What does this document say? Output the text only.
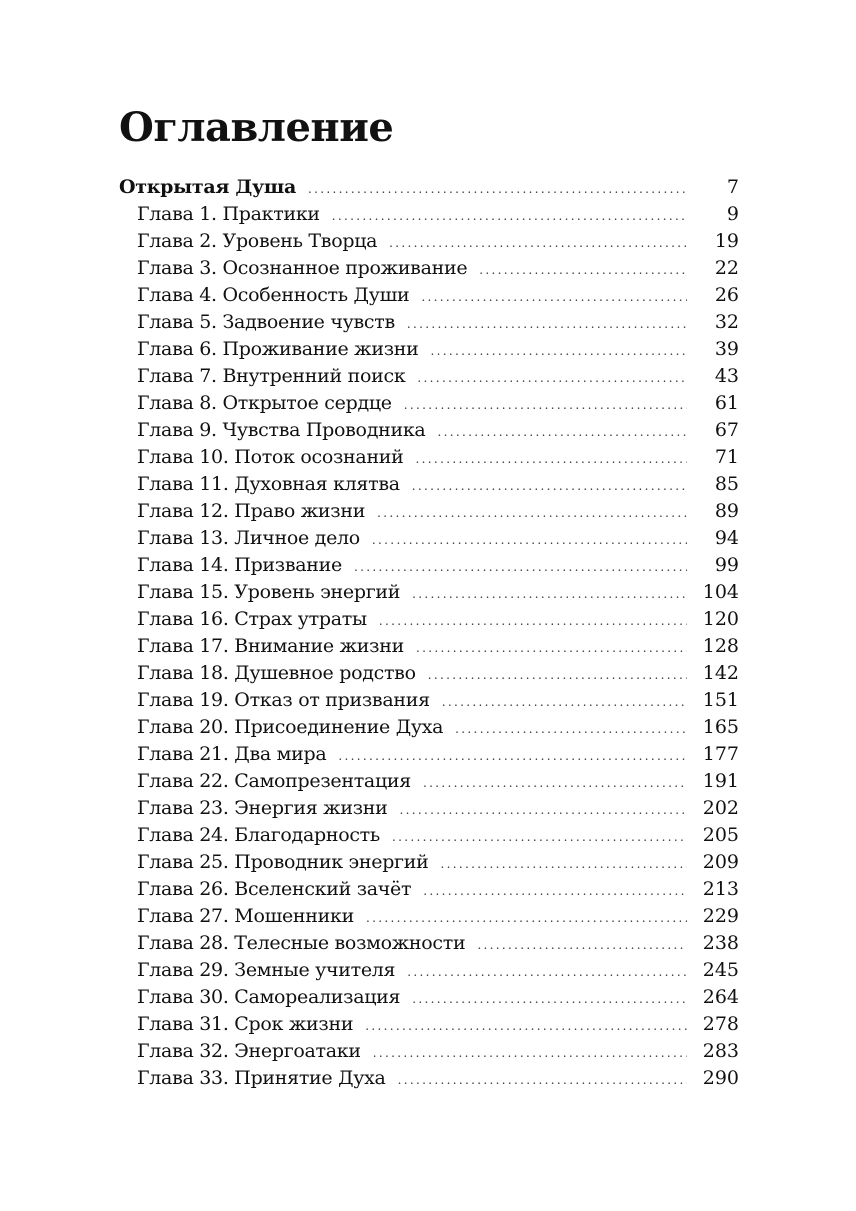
Оглавление
Открытая Душа . . .	7
Глава 1. Практики . . .	9
Глава 2. Уровень Творца . . .	19
Глава 3. Осознанное проживание . . .	22
Глава 4. Особенность Души . . .	26
Глава 5. Задвоение чувств . . .	32
Глава 6. Проживание жизни . . .	39
Глава 7. Внутренний поиск . . .	43
Глава 8. Открытое сердце . . .	61
Глава 9. Чувства Проводника . . .	67
Глава 10. Поток осознаний . . .	71
Глава 11. Духовная клятва . . .	85
Глава 12. Право жизни . . .	89
Глава 13. Личное дело . . .	94
Глава 14. Призвание . . .	99
Глава 15. Уровень энергий . . .	104
Глава 16. Страх утраты . . .	120
Глава 17. Внимание жизни . . .	128
Глава 18. Душевное родство . . .	142
Глава 19. Отказ от призвания . . .	151
Глава 20. Присоединение Духа . . .	165
Глава 21. Два мира . . .	177
Глава 22. Самопрезентация . . .	191
Глава 23. Энергия жизни . . .	202
Глава 24. Благодарность . . .	205
Глава 25. Проводник энергий . . .	209
Глава 26. Вселенский зачёт . . .	213
Глава 27. Мошенники . . .	229
Глава 28. Телесные возможности . . .	238
Глава 29. Земные учителя . . .	245
Глава 30. Самореализация . . .	264
Глава 31. Срок жизни . . .	278
Глава 32. Энергоатаки . . .	283
Глава 33. Принятие Духа . . .	290
